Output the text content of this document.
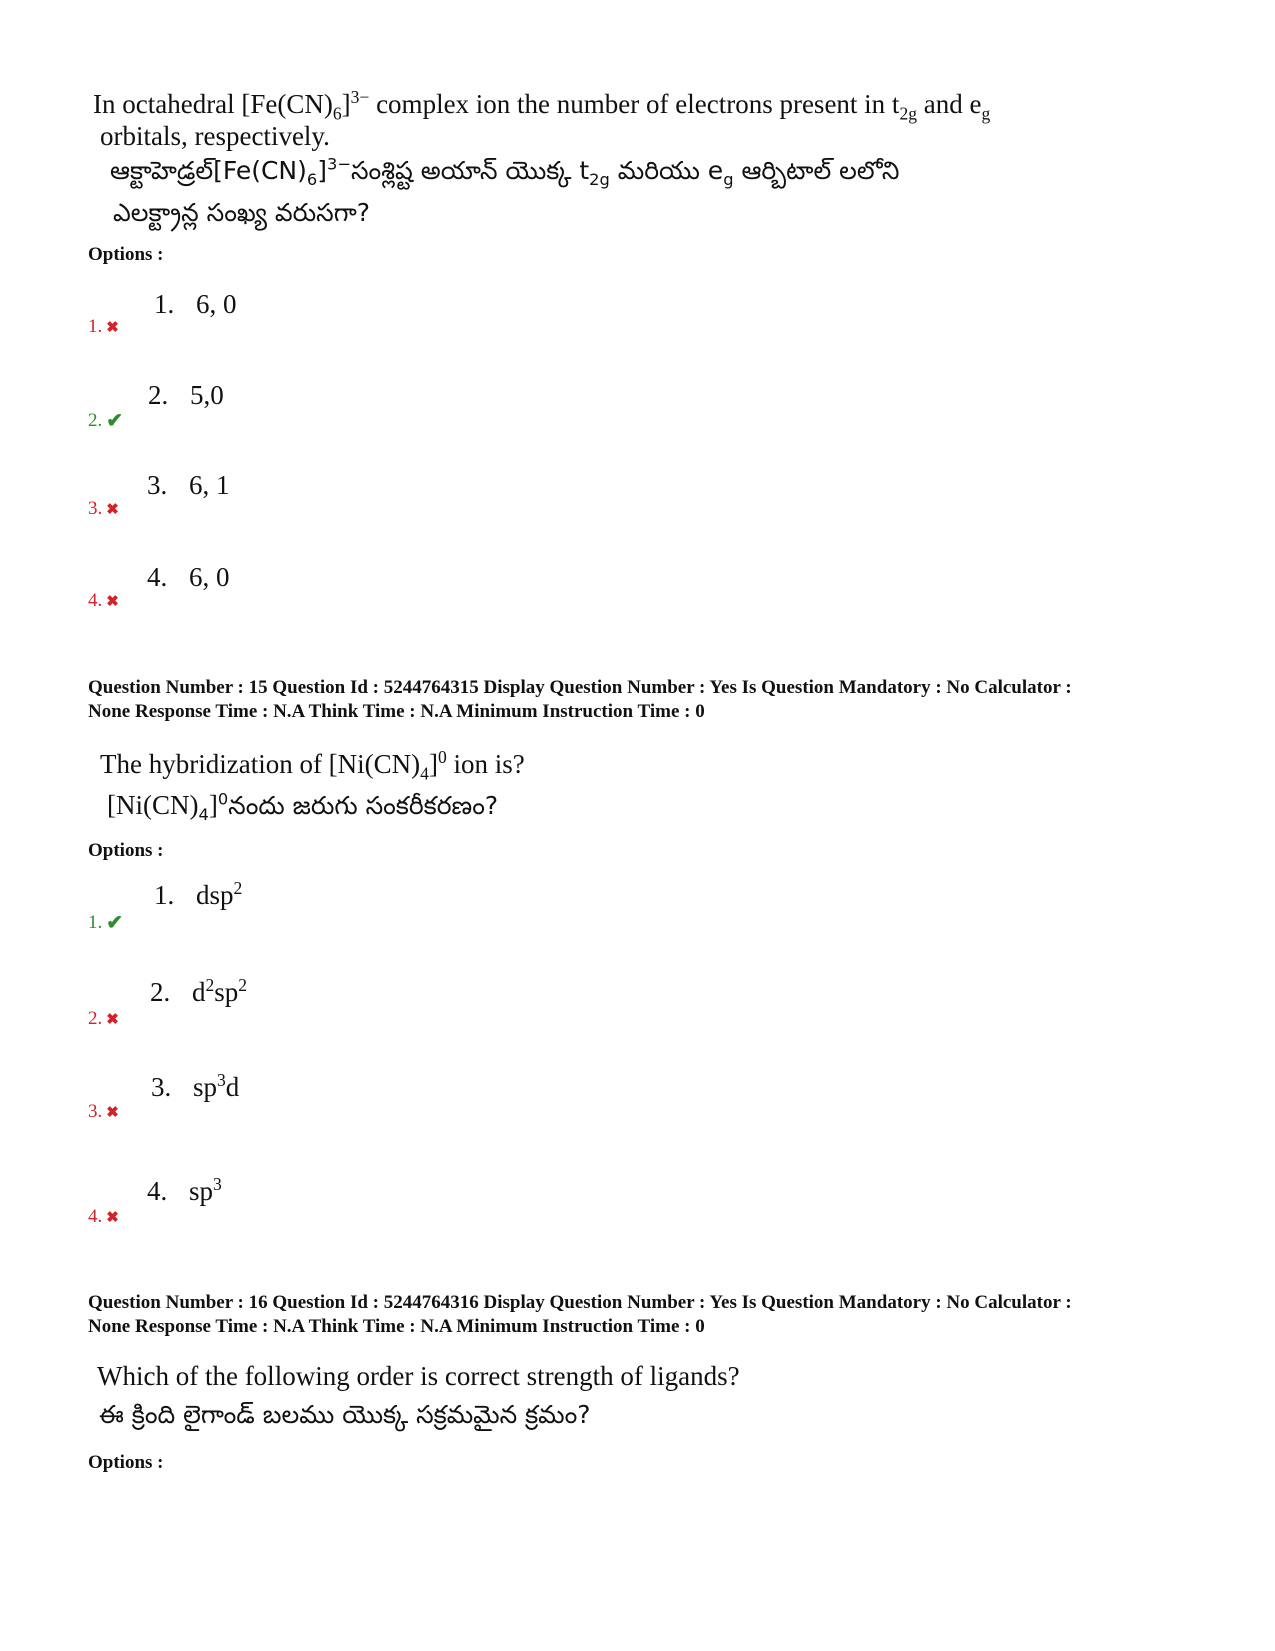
In octahedral $[Fe(CN)_6]^{3-}$ complex ion the number of electrons present in $t_{2g}$ and $e_g$
orbitals, respectively.
$ఆక్టాహెడ్రల్[Fe(CN)_6]^{3-}సంశ్లిష్ట$ అయాన్ యొక్క $t_{2g}$ మరియు $e_g$ ఆర్బిటాల్ లలోని
ఎలక్ట్రాన్ల సంఖ్య వరుసగా?
Options :
1. 6, 0
1. ✖
2. 5,0
2. ✔
3. 6, 1
3. ✖
4. 6, 0
4. ✖
Question Number : 15 Question Id : 5244764315 Display Question Number : Yes Is Question Mandatory : No Calculator :
None Response Time : N.A Think Time : N.A Minimum Instruction Time : 0
The hybridization of $[Ni(CN)_4]^0$ ion is?
$[Ni(CN)_4]^0నందు$ జరుగు సంకరీకరణం?
Options :
1. dsp$^2$
1. ✔
2. $d^2sp^2$
2. ✖
3. $sp^3d$
3. ✖
4. $sp^3$
4. ✖
Question Number : 16 Question Id : 5244764316 Display Question Number : Yes Is Question Mandatory : No Calculator :
None Response Time : N.A Think Time : N.A Minimum Instruction Time : 0
Which of the following order is correct strength of ligands?
ఈ క్రింది లైగాండ్ బలము యొక్క సక్రమమైన క్రమం?
Options :
